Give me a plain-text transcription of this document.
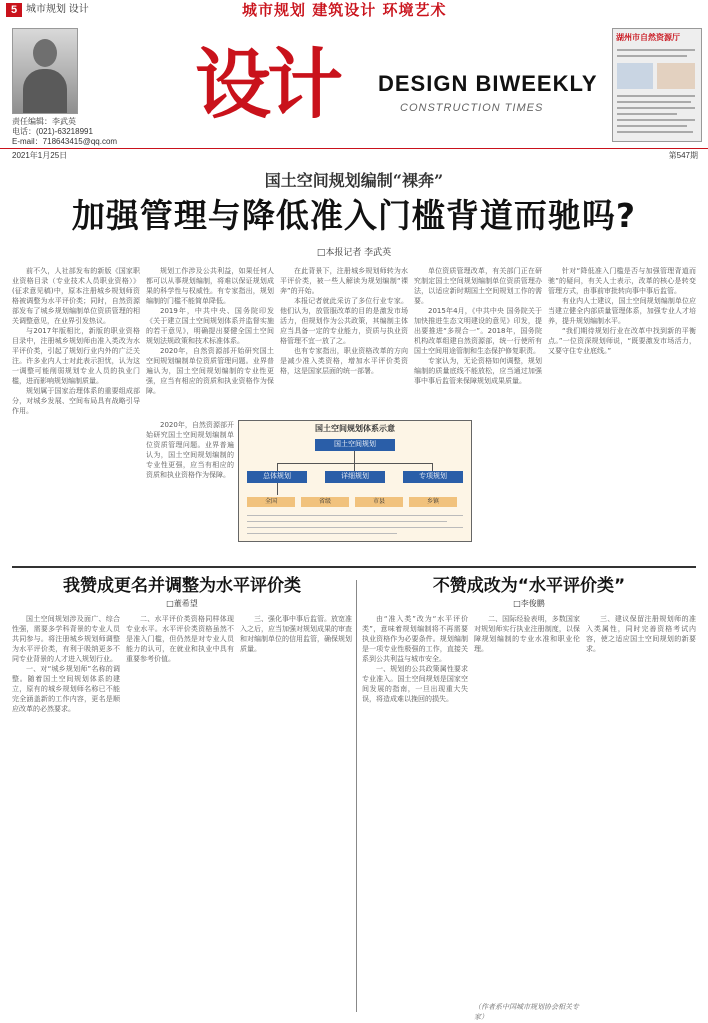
5 城市规划 设计	城市规划 建筑设计 环境艺术
设计	DESIGN BIWEEKLY
CONSTRUCTION TIMES
湖州市自然资源厅
责任编辑：李武英
电话：(021)-63218991
E-mail：718643415@qq.com
2021年1月25日	第547期
国土空间规划编制“裸奔”
加强管理与降低准入门槛背道而驰吗?
□本报记者 李武英

前不久，人社部发布的新版《国家职业资格目录（专业技术人员职业资格）》(征求意见稿)中，原本注册城乡规划师资格被调整为水平评价类；同时，自然资源部发布了城乡规划编制单位资质管理的相关调整意见，在业界引发热议。

与2017年版相比，新版的职业资格目录中，注册城乡规划师由准入类改为水平评价类，引起了规划行业内外的广泛关注。许多业内人士对此表示担忧，认为这一调整可能削弱规划专业人员的执业门槛，进而影响规划编制质量。

规划属于国家治理体系的重要组成部分，对城乡发展、空间布局具有战略引导作用。

规划工作涉及公共利益，如果任何人都可以从事规划编制，将难以保证规划成果的科学性与权威性。有专家指出，规划编制的门槛不能简单降低。

2019年，中共中央、国务院印发《关于建立国土空间规划体系并监督实施的若干意见》，明确提出要健全国土空间规划法规政策和技术标准体系。

2020年，自然资源部开始研究国土空间规划编制单位资质管理问题。业界普遍认为，国土空间规划编制的专业性更强，应当有相应的资质和执业资格作为保障。

在此背景下，注册城乡规划师转为水平评价类，被一些人解读为规划编制“裸奔”的开始。

本报记者就此采访了多位行业专家。他们认为，放管服改革的目的是激发市场活力，但规划作为公共政策，其编制主体应当具备一定的专业能力，资质与执业资格管理不宜一放了之。

也有专家指出，职业资格改革的方向是减少准入类资格，增加水平评价类资格，这是国家层面的统一部署。

单位资质管理改革，有关部门正在研究制定国土空间规划编制单位资质管理办法，以适应新时期国土空间规划工作的需要。

2015年4月，《中共中央 国务院关于加快推进生态文明建设的意见》印发，提出要推进“多规合一”。2018年，国务院机构改革组建自然资源部，统一行使所有国土空间用途管制和生态保护修复职责。

专家认为，无论资格如何调整，规划编制的质量底线不能放松，应当通过加强事中事后监管来保障规划成果质量。

针对“降低准入门槛是否与加强管理背道而驰”的疑问，有关人士表示，改革的核心是转变管理方式，由事前审批转向事中事后监管。

有业内人士建议，国土空间规划编制单位应当建立健全内部质量管理体系，加强专业人才培养，提升规划编制水平。

“我们期待规划行业在改革中找到新的平衡点。”一位资深规划师说，“既要激发市场活力，又要守住专业底线。”

国土空间规划体系示意
国土空间规划
总体规划	详细规划	专项规划
全国	省级	市县	乡镇

2020年，自然资源部开始研究国土空间规划编制单位资质管理问题。业界普遍认为，国土空间规划编制的专业性更强，应当有相应的资质和执业资格作为保障。

我赞成更名并调整为水平评价类
□董希望

国土空间规划涉及面广、综合性强，需要多学科背景的专业人员共同参与。将注册城乡规划师调整为水平评价类，有利于吸纳更多不同专业背景的人才进入规划行业。

一、对“城乡规划师”名称的调整。随着国土空间规划体系的建立，原有的城乡规划师名称已不能完全涵盖新的工作内容，更名是顺应改革的必然要求。

二、水平评价类资格同样体现专业水平。水平评价类资格虽然不是准入门槛，但仍然是对专业人员能力的认可，在就业和执业中具有重要参考价值。

三、强化事中事后监管。放宽准入之后，应当加强对规划成果的审查和对编制单位的信用监管，确保规划质量。

不赞成改为“水平评价类”
□李俊鹏

由“准入类”改为“水平评价类”，意味着规划编制将不再需要执业资格作为必要条件。规划编制是一项专业性极强的工作，直接关系到公共利益与城市安全。

一、规划的公共政策属性要求专业准入。国土空间规划是国家空间发展的指南，一旦出现重大失误，将造成难以挽回的损失。

二、国际经验表明，多数国家对规划师实行执业注册制度，以保障规划编制的专业水准和职业伦理。

（作者系中国城市规划协会相关专家）

三、建议保留注册规划师的准入类属性，同时完善资格考试内容，使之适应国土空间规划的新要求。
